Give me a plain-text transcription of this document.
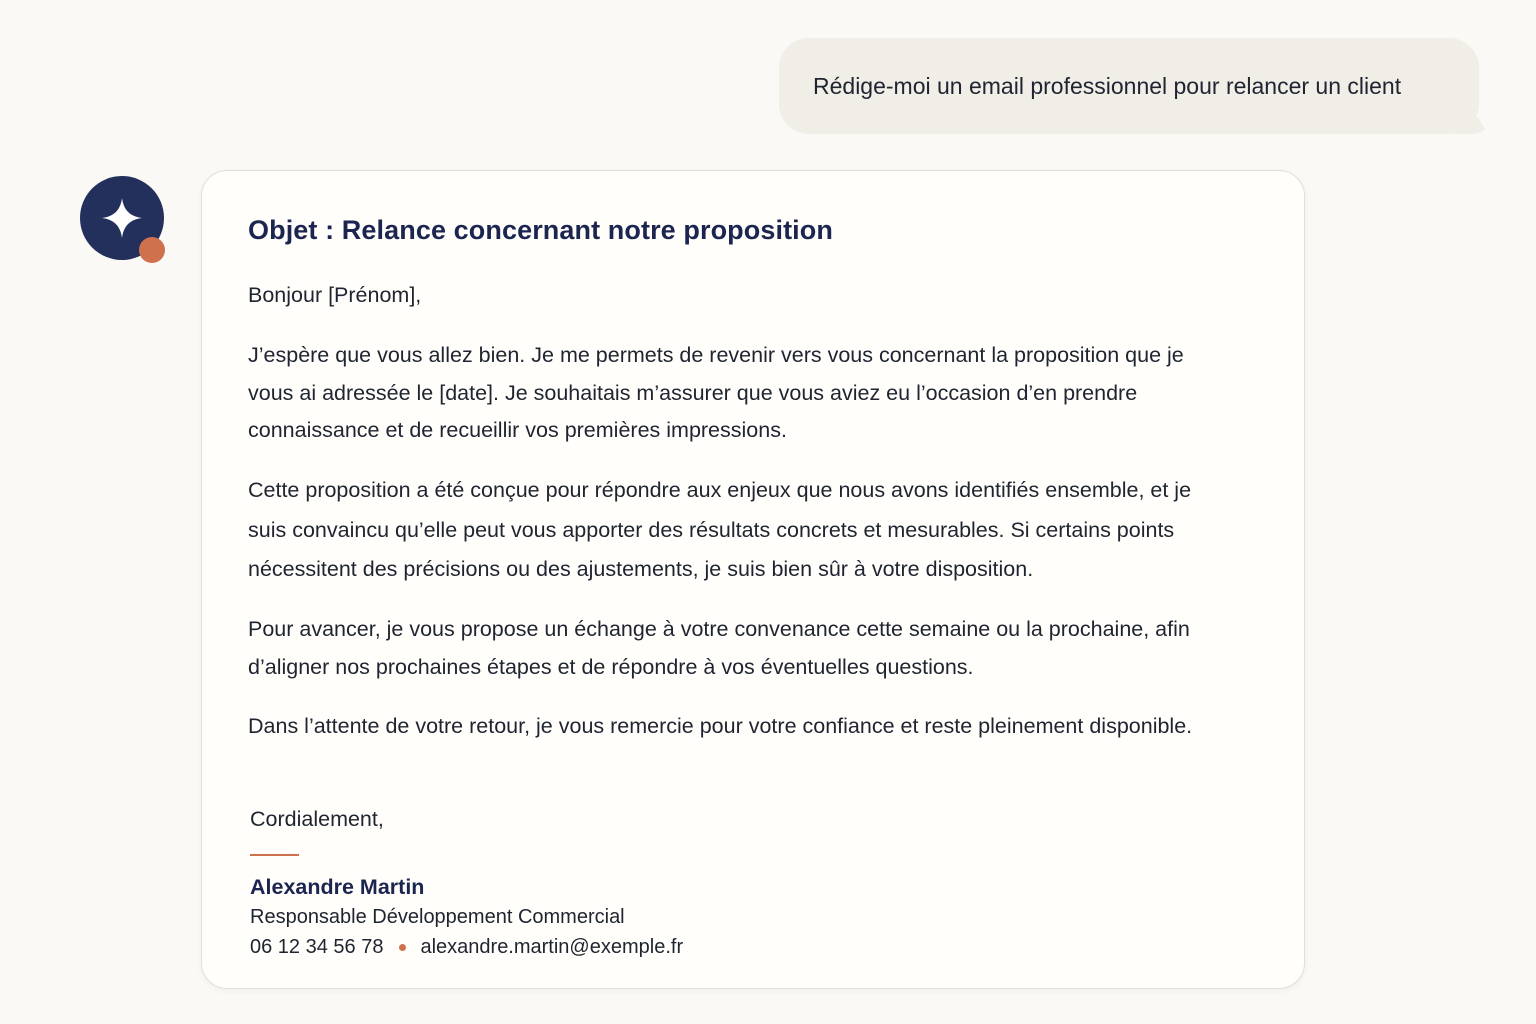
Rédige-moi un email professionnel pour relancer un client
Objet : Relance concernant notre proposition
Bonjour [Prénom],
J’espère que vous allez bien. Je me permets de revenir vers vous concernant la proposition que je vous ai adressée le [date]. Je souhaitais m’assurer que vous aviez eu l’occasion d’en prendre connaissance et de recueillir vos premières impressions.
Cette proposition a été conçue pour répondre aux enjeux que nous avons identifiés ensemble, et je suis convaincu qu’elle peut vous apporter des résultats concrets et mesurables. Si certains points nécessitent des précisions ou des ajustements, je suis bien sûr à votre disposition.
Pour avancer, je vous propose un échange à votre convenance cette semaine ou la prochaine, afin d’aligner nos prochaines étapes et de répondre à vos éventuelles questions.
Dans l’attente de votre retour, je vous remercie pour votre confiance et reste pleinement disponible.
Cordialement,
Alexandre Martin
Responsable Développement Commercial
06 12 34 56 78 alexandre.martin@exemple.fr
